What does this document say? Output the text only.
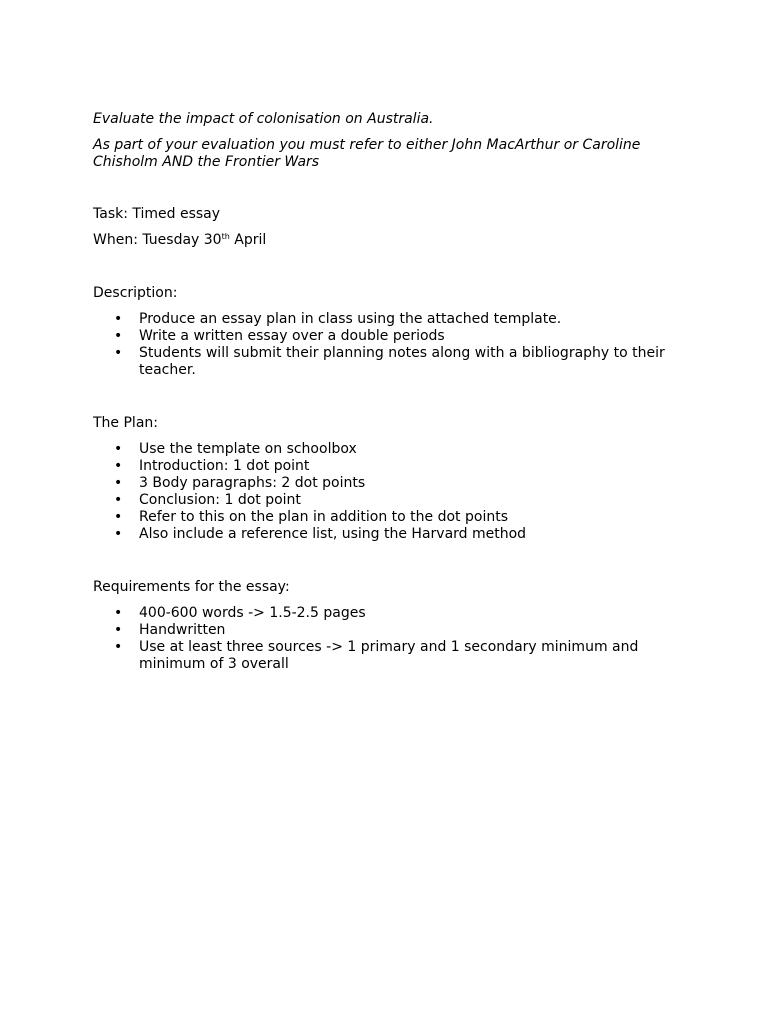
Evaluate the impact of colonisation on Australia.

As part of your evaluation you must refer to either John MacArthur or Caroline Chisholm AND the Frontier Wars

Task: Timed essay

When: Tuesday 30th April

Description:

• Produce an essay plan in class using the attached template.
• Write a written essay over a double periods
• Students will submit their planning notes along with a bibliography to their teacher.

The Plan:

• Use the template on schoolbox
• Introduction: 1 dot point
• 3 Body paragraphs: 2 dot points
• Conclusion: 1 dot point
• Refer to this on the plan in addition to the dot points
• Also include a reference list, using the Harvard method

Requirements for the essay:

• 400-600 words -> 1.5-2.5 pages
• Handwritten
• Use at least three sources -> 1 primary and 1 secondary minimum and minimum of 3 overall
